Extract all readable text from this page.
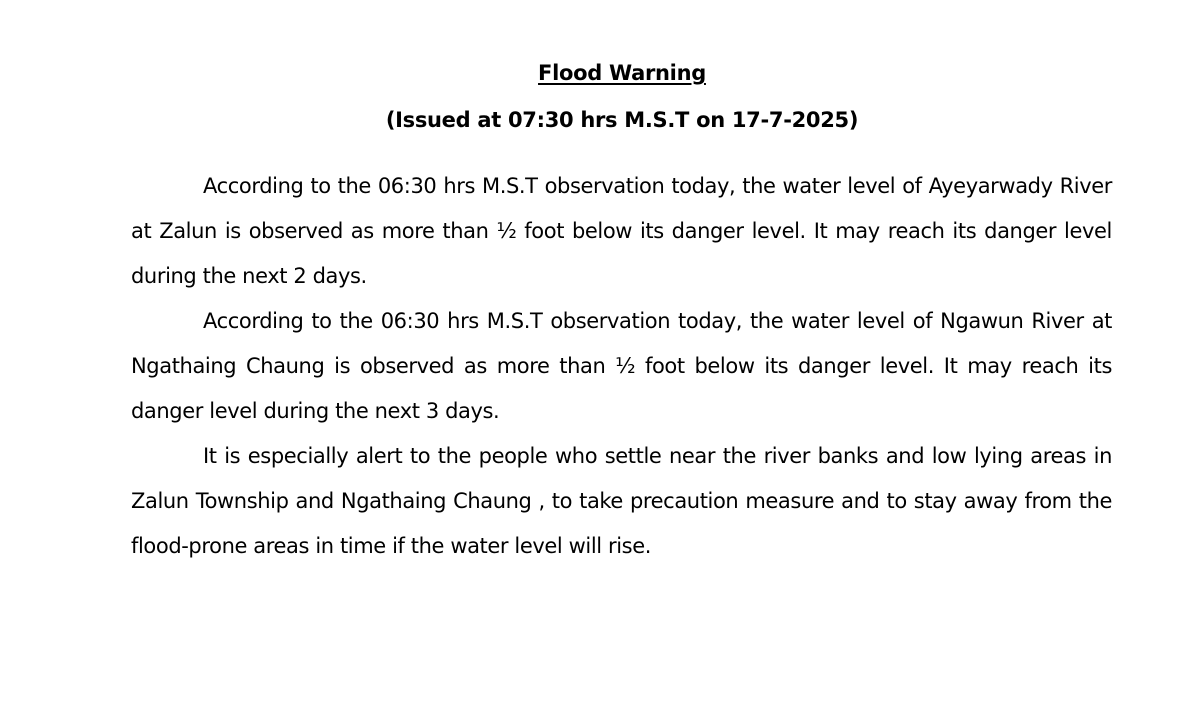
Flood Warning
(Issued at 07:30 hrs M.S.T on 17-7-2025)

According to the 06:30 hrs M.S.T observation today, the water level of Ayeyarwady River at Zalun is observed as more than ½ foot below its danger level. It may reach its danger level during the next 2 days.

According to the 06:30 hrs M.S.T observation today, the water level of Ngawun River at Ngathaing Chaung is observed as more than ½ foot below its danger level. It may reach its danger level during the next 3 days.

It is especially alert to the people who settle near the river banks and low lying areas in Zalun Township and Ngathaing Chaung , to take precaution measure and to stay away from the flood-prone areas in time if the water level will rise.
